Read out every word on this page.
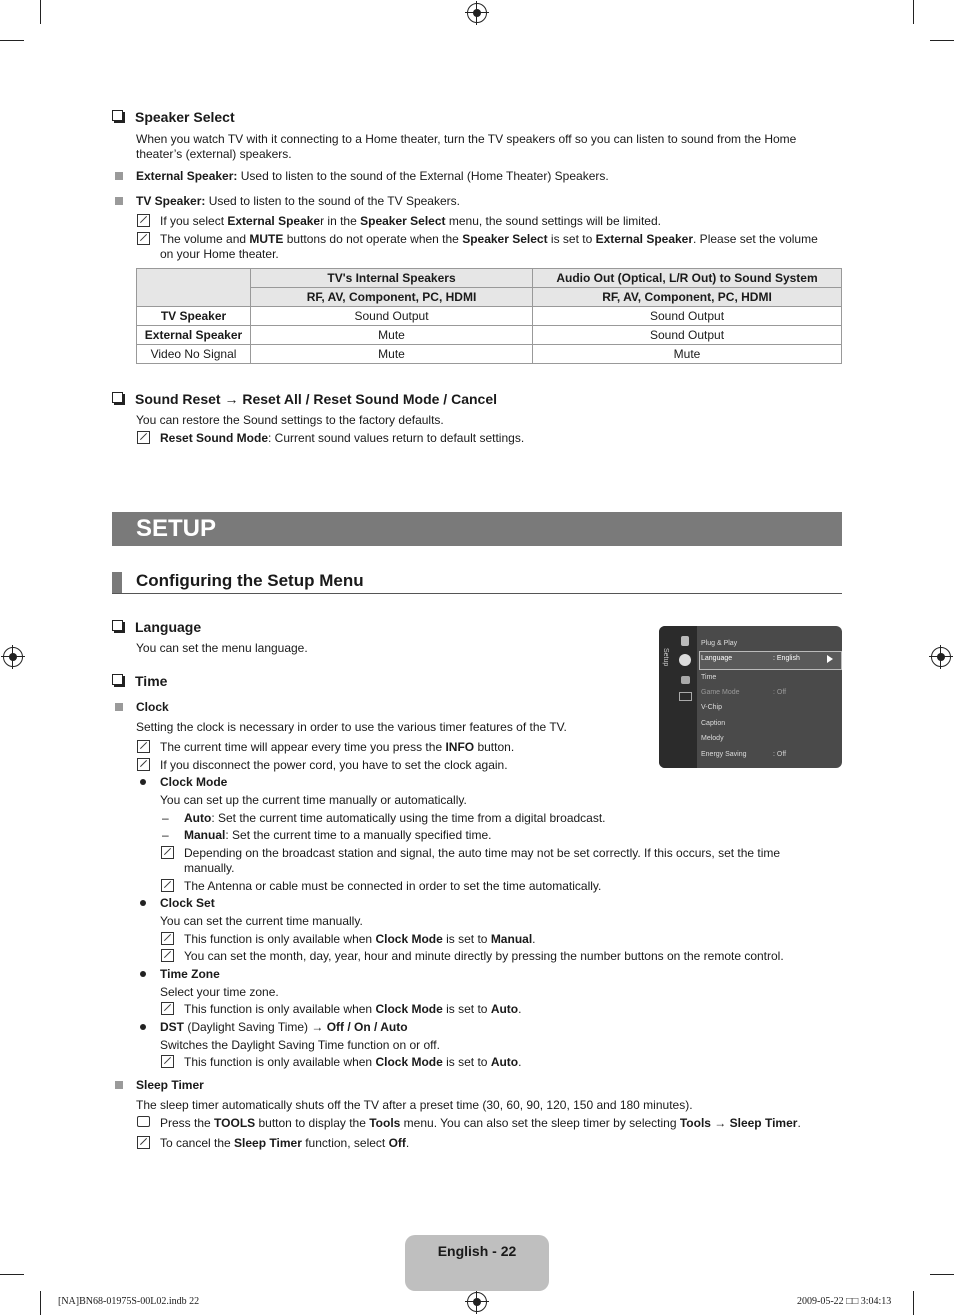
Speaker Select
When you watch TV with it connecting to a Home theater, turn the TV speakers off so you can listen to sound from the Home
theater’s (external) speakers.
External Speaker: Used to listen to the sound of the External (Home Theater) Speakers.
TV Speaker: Used to listen to the sound of the TV Speakers.
If you select External Speaker in the Speaker Select menu, the sound settings will be limited.
The volume and MUTE buttons do not operate when the Speaker Select is set to External Speaker. Please set the volume
on your Home theater.
	TV's Internal Speakers	Audio Out (Optical, L/R Out) to Sound System
	RF, AV, Component, PC, HDMI	RF, AV, Component, PC, HDMI
TV Speaker	Sound Output	Sound Output
External Speaker	Mute	Sound Output
Video No Signal	Mute	Mute
Sound Reset → Reset All / Reset Sound Mode / Cancel
You can restore the Sound settings to the factory defaults.
Reset Sound Mode: Current sound values return to default settings.
SETUP
Configuring the Setup Menu
Language
You can set the menu language.	Setup
Plug & Play
Language	: English
Time
Game Mode	: Off
V-Chip
Caption
Melody
Energy Saving	: Off
Time
Clock
Setting the clock is necessary in order to use the various timer features of the TV.
The current time will appear every time you press the INFO button.
If you disconnect the power cord, you have to set the clock again.
Clock Mode
You can set up the current time manually or automatically.
– Auto: Set the current time automatically using the time from a digital broadcast.
– Manual: Set the current time to a manually specified time.
Depending on the broadcast station and signal, the auto time may not be set correctly. If this occurs, set the time
manually.
The Antenna or cable must be connected in order to set the time automatically.
Clock Set
You can set the current time manually.
This function is only available when Clock Mode is set to Manual.
You can set the month, day, year, hour and minute directly by pressing the number buttons on the remote control.
Time Zone
Select your time zone.
This function is only available when Clock Mode is set to Auto.
DST (Daylight Saving Time) → Off / On / Auto
Switches the Daylight Saving Time function on or off.
This function is only available when Clock Mode is set to Auto.
Sleep Timer
The sleep timer automatically shuts off the TV after a preset time (30, 60, 90, 120, 150 and 180 minutes).
Press the TOOLS button to display the Tools menu. You can also set the sleep timer by selecting Tools → Sleep Timer.
To cancel the Sleep Timer function, select Off.
English - 22
[NA]BN68-01975S-00L02.indb 22	2009-05-22 □□ 3:04:13
